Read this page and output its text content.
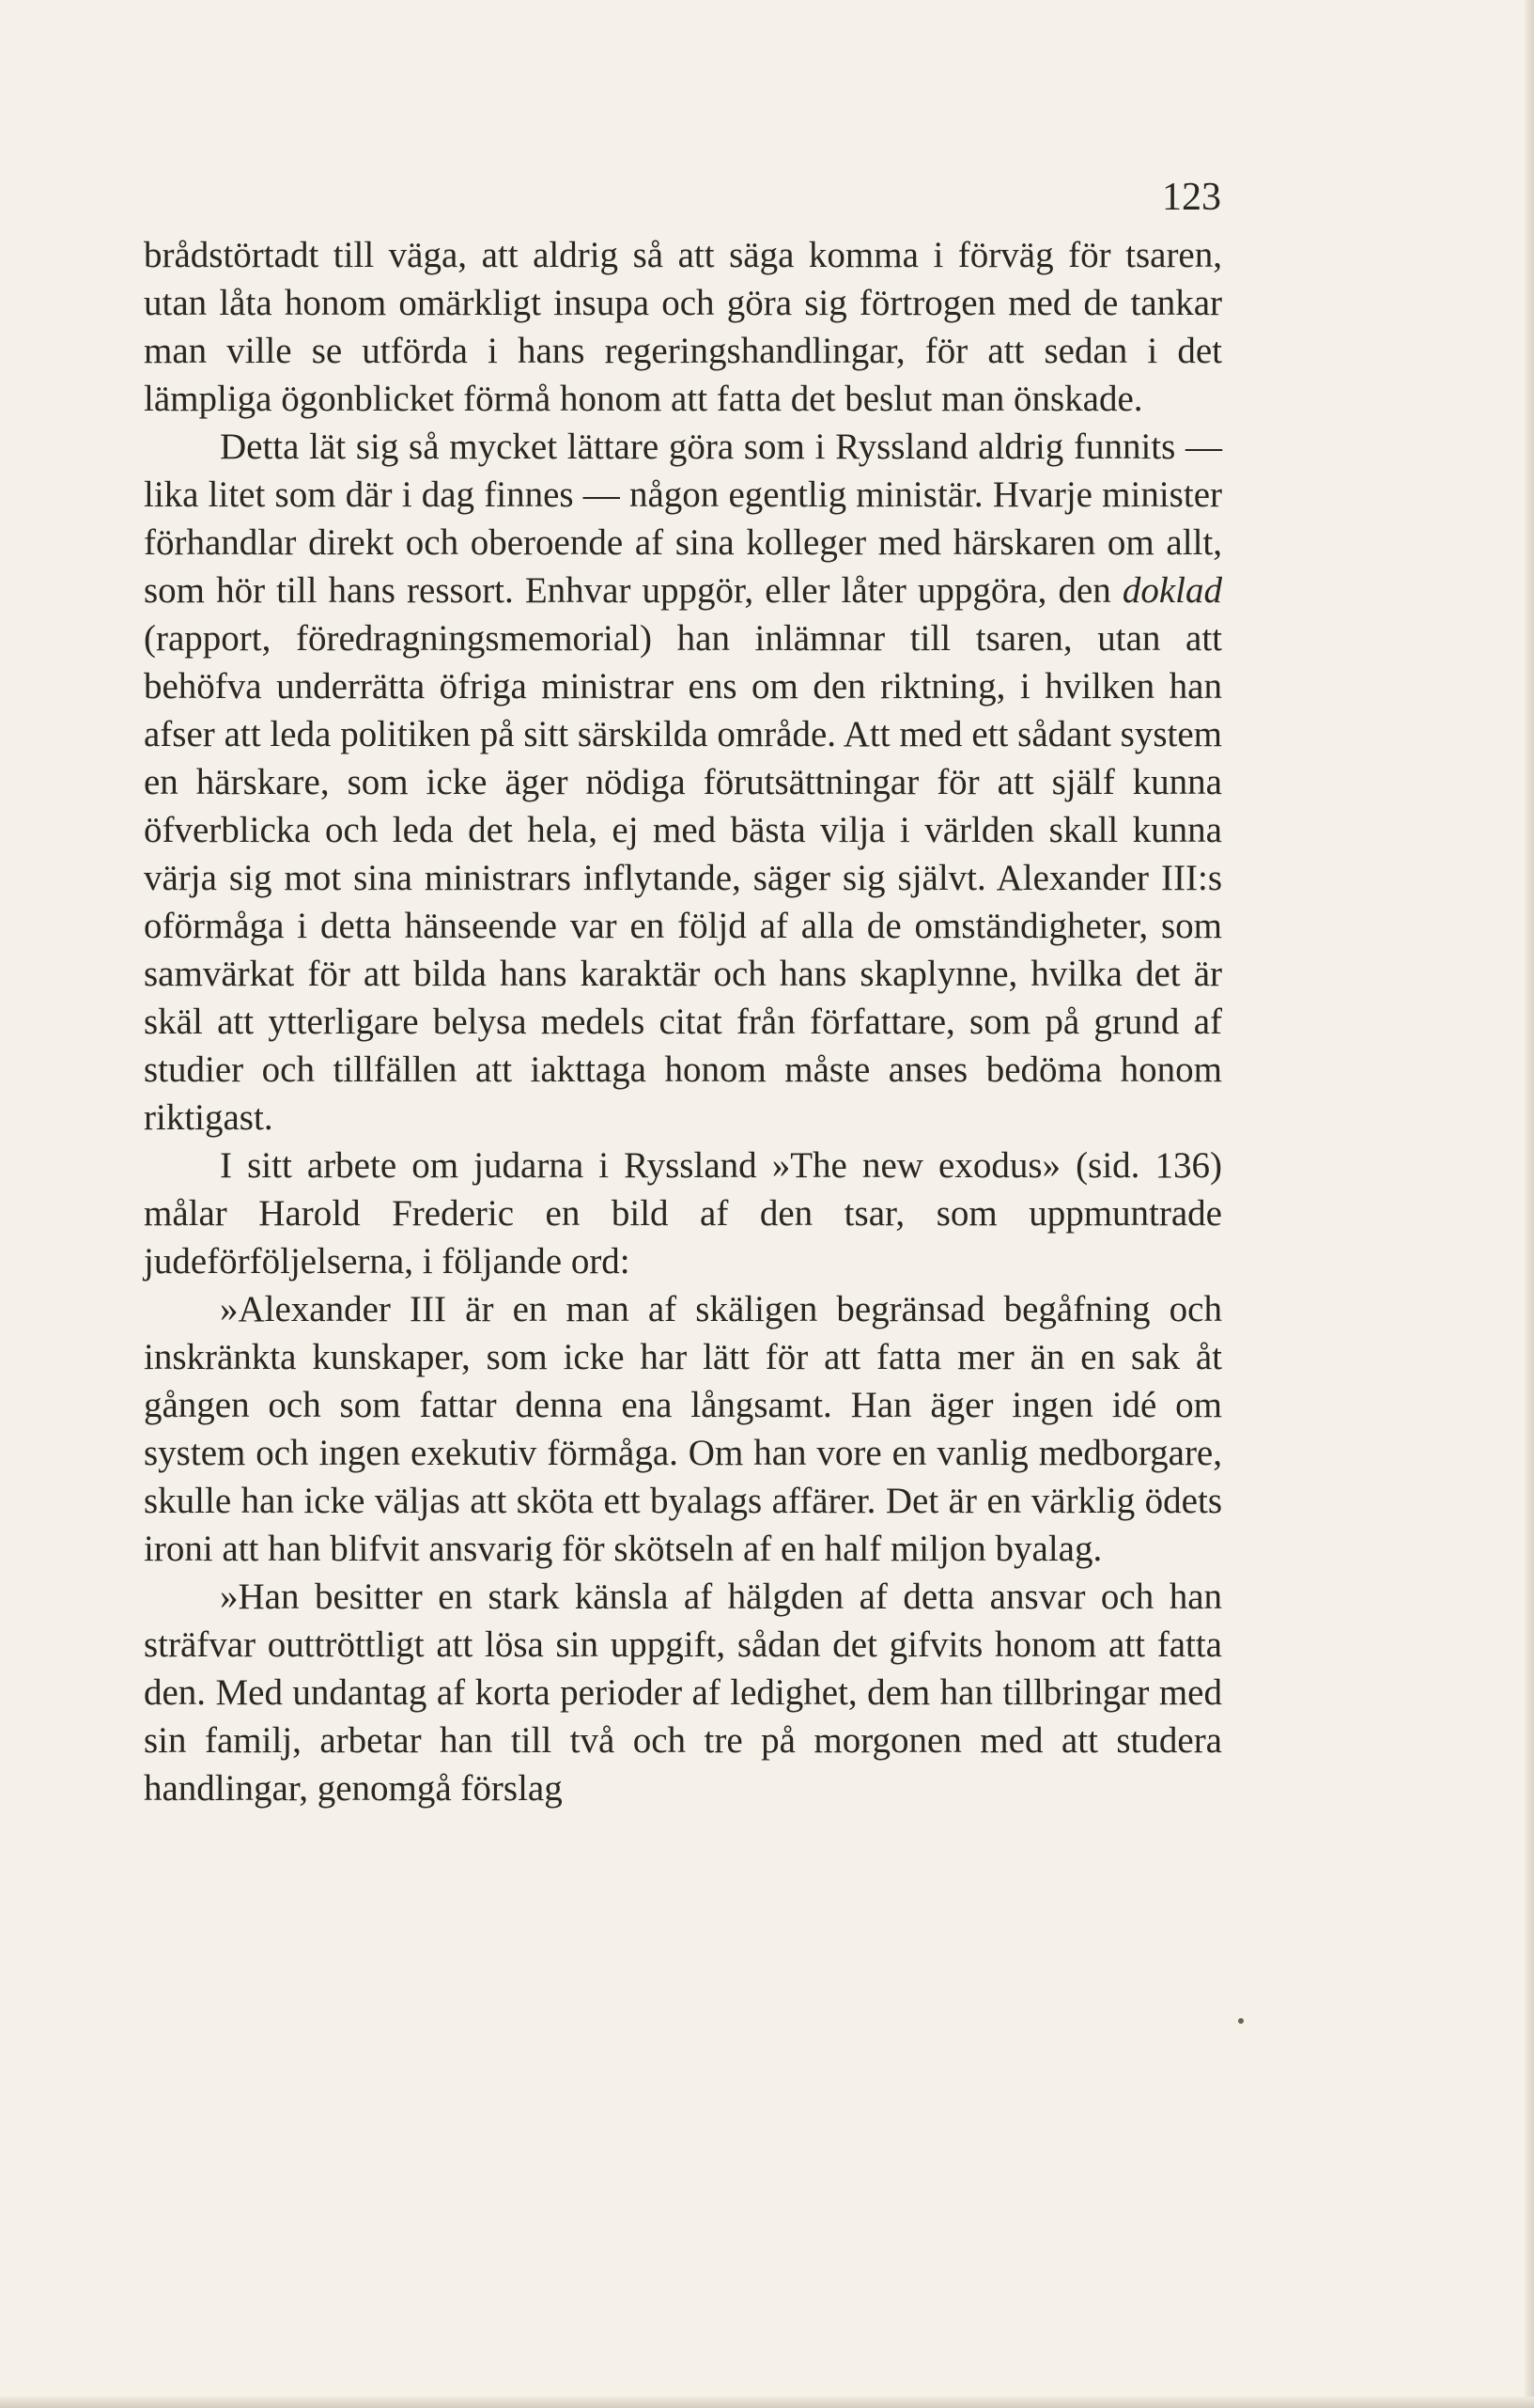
123

brådstörtadt till väga, att aldrig så att säga komma i förväg för tsaren, utan låta honom omärkligt insupa och göra sig förtrogen med de tankar man ville se utförda i hans regeringshandlingar, för att sedan i det lämpliga ögonblicket förmå honom att fatta det beslut man önskade.

Detta lät sig så mycket lättare göra som i Ryssland aldrig funnits — lika litet som där i dag finnes — någon egentlig ministär. Hvarje minister förhandlar direkt och oberoende af sina kolleger med härskaren om allt, som hör till hans ressort. Enhvar uppgör, eller låter uppgöra, den doklad (rapport, föredragningsmemorial) han inlämnar till tsaren, utan att behöfva underrätta öfriga ministrar ens om den riktning, i hvilken han afser att leda politiken på sitt särskilda område. Att med ett sådant system en härskare, som icke äger nödiga förutsättningar för att själf kunna öfverblicka och leda det hela, ej med bästa vilja i världen skall kunna värja sig mot sina ministrars inflytande, säger sig självt. Alexander III:s oförmåga i detta hänseende var en följd af alla de omständigheter, som samvärkat för att bilda hans karaktär och hans skaplynne, hvilka det är skäl att ytterligare belysa medels citat från författare, som på grund af studier och tillfällen att iakttaga honom måste anses bedöma honom riktigast.

I sitt arbete om judarna i Ryssland »The new exodus» (sid. 136) målar Harold Frederic en bild af den tsar, som uppmuntrade judeförföljelserna, i följande ord:

»Alexander III är en man af skäligen begränsad begåfning och inskränkta kunskaper, som icke har lätt för att fatta mer än en sak åt gången och som fattar denna ena långsamt. Han äger ingen idé om system och ingen exekutiv förmåga. Om han vore en vanlig medborgare, skulle han icke väljas att sköta ett byalags affärer. Det är en värklig ödets ironi att han blifvit ansvarig för skötseln af en half miljon byalag.

»Han besitter en stark känsla af hälgden af detta ansvar och han sträfvar outtröttligt att lösa sin uppgift, sådan det gifvits honom att fatta den. Med undantag af korta perioder af ledighet, dem han tillbringar med sin familj, arbetar han till två och tre på morgonen med att studera handlingar, genomgå förslag
